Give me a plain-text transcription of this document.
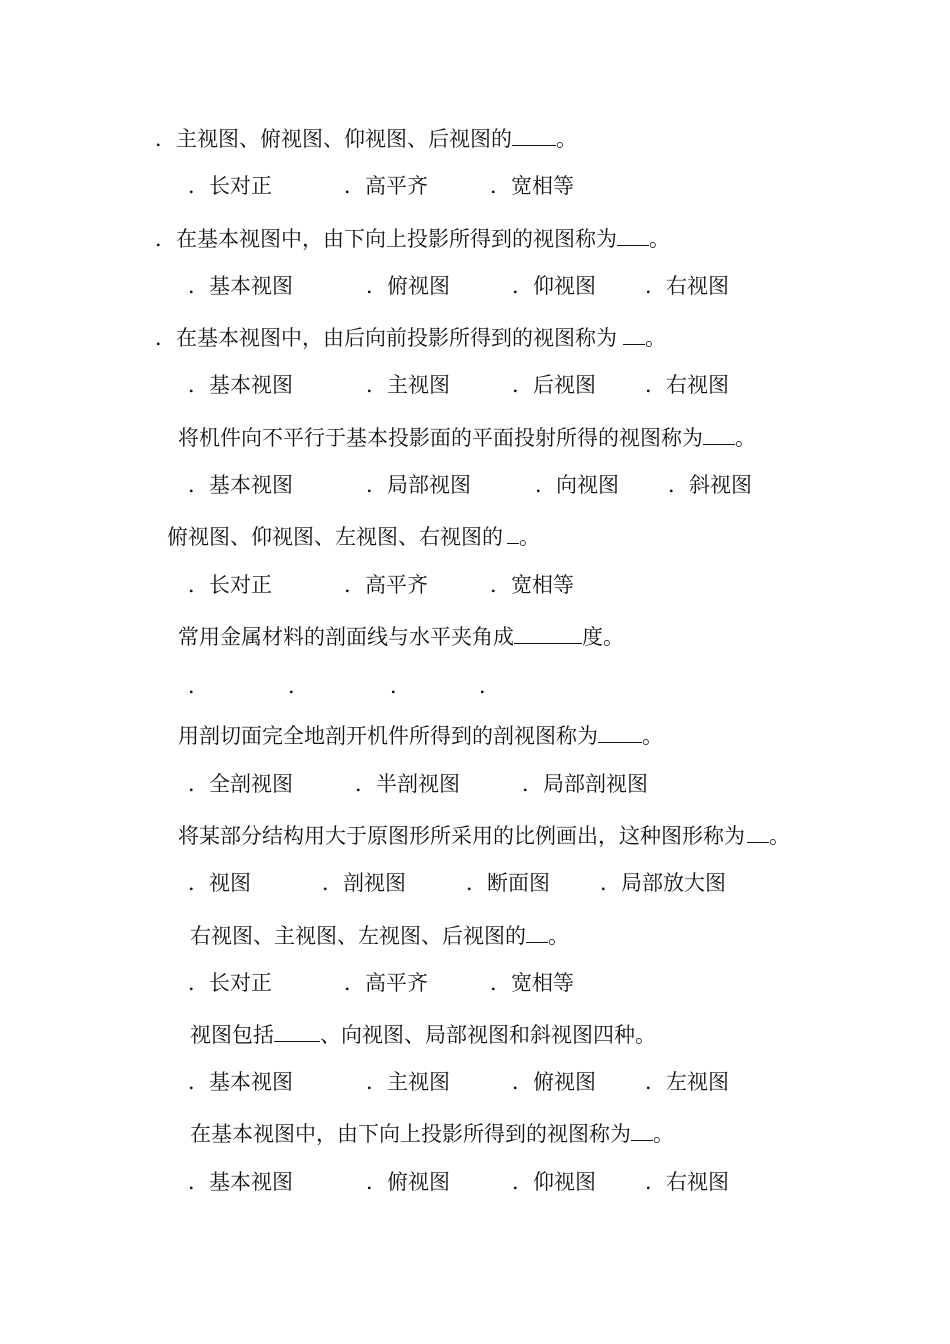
．主视图、俯视图、仰视图、后视图的 。
．长对正	．高平齐	．宽相等
．在基本视图中，由下向上投影所得到的视图称为 。
．基本视图	．俯视图	．仰视图 ．右视图
．在基本视图中，由后向前投影所得到的视图称为 。
．基本视图	．主视图	．后视图 ．右视图
将机件向不平行于基本投影面的平面投射所得的视图称为 。
．基本视图	．局部视图	．向视图 ．斜视图
俯视图、仰视图、左视图、右视图的 。
．长对正	．高平齐	．宽相等
常用金属材料的剖面线与水平夹角成	度。
．	．	．	．
用剖切面完全地剖开机件所得到的剖视图称为 。
．全剖视图	．半剖视图	．局部剖视图
将某部分结构用大于原图形所采用的比例画出，这种图形称为 。
．视图	．剖视图	．断面图 ．局部放大图
右视图、主视图、左视图、后视图的 。
．长对正	．高平齐	．宽相等
视图包括 、向视图、局部视图和斜视图四种。
．基本视图	．主视图	．俯视图 ．左视图
在基本视图中，由下向上投影所得到的视图称为 。
．基本视图	．俯视图	．仰视图 ．右视图
